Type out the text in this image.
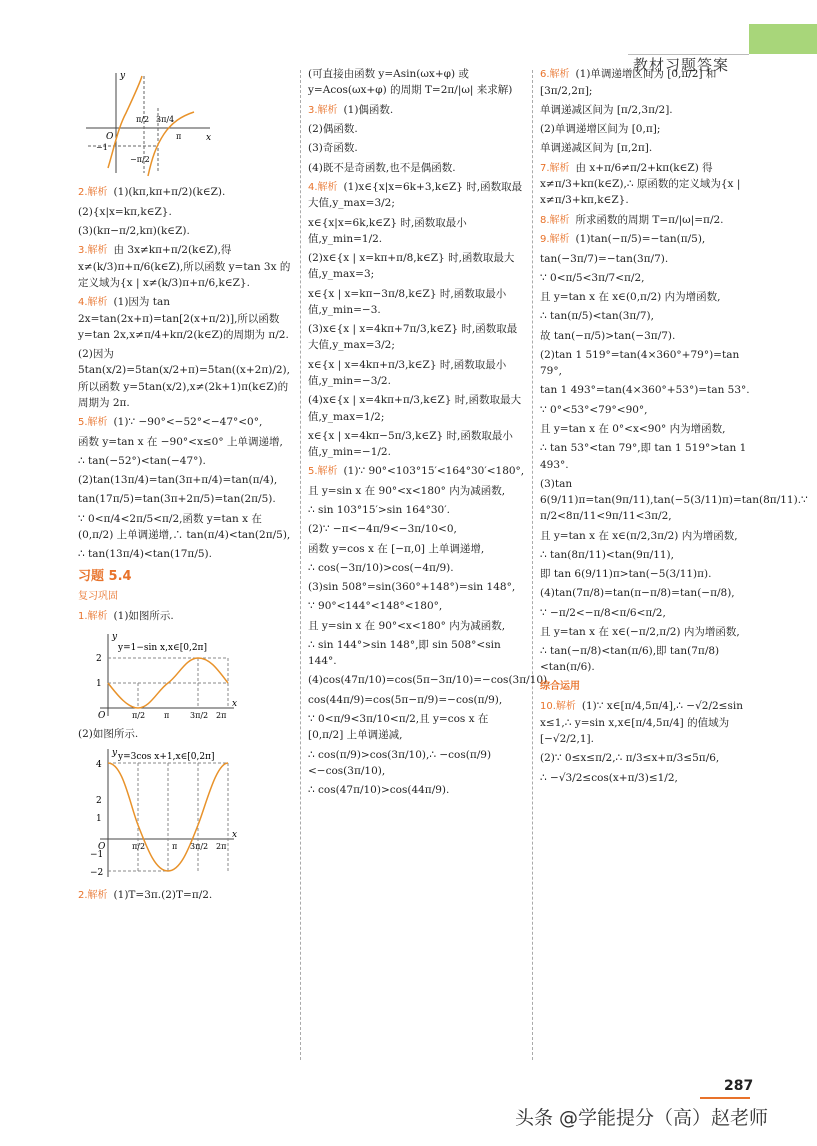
教材习题答案
y
x
O
π/2 3π/4
π
−1
−π/2

2.解析 (1)(kπ,kπ+π/2)(k∈Z).

(2){x|x=kπ,k∈Z}.

(3)(kπ−π/2,kπ)(k∈Z).

3.解析 由 3x≠kπ+π/2(k∈Z),得 x≠(k/3)π+π/6(k∈Z),所以函数 y=tan 3x 的定义域为{x | x≠(k/3)π+π/6,k∈Z}.

4.解析 (1)因为 tan 2x=tan(2x+π)=tan[2(x+π/2)],所以函数 y=tan 2x,x≠π/4+kπ/2(k∈Z)的周期为 π/2.

(2)因为 5tan(x/2)=5tan(x/2+π)=5tan((x+2π)/2),所以函数 y=5tan(x/2),x≠(2k+1)π(k∈Z)的周期为 2π.

5.解析 (1)∵ −90°<−52°<−47°<0°,

函数 y=tan x 在 −90°<x≤0° 上单调递增,

∴ tan(−52°)<tan(−47°).

(2)tan(13π/4)=tan(3π+π/4)=tan(π/4),

tan(17π/5)=tan(3π+2π/5)=tan(2π/5).

∵ 0<π/4<2π/5<π/2,函数 y=tan x 在 (0,π/2) 上单调递增,∴ tan(π/4)<tan(2π/5),

∴ tan(13π/4)<tan(17π/5).

习题 5.4
复习巩固

1.解析 (1)如图所示.

y
y=1−sin x,x∈[0,2π]
2
1
O	π/2 π	3π/2 2π
x

(2)如图所示.

y y=3cos x+1,x∈[0,2π]
4
2
1
−1
−2
O	π/2	π 3π/2 2π
x

2.解析 (1)T=3π.(2)T=π/2.

(可直接由函数 y=Asin(ωx+φ) 或 y=Acos(ωx+φ) 的周期 T=2π/|ω| 来求解)

3.解析 (1)偶函数.

(2)偶函数.

(3)奇函数.

(4)既不是奇函数,也不是偶函数.

4.解析 (1)x∈{x|x=6k+3,k∈Z} 时,函数取最大值,y_max=3/2;

x∈{x|x=6k,k∈Z} 时,函数取最小值,y_min=1/2.

(2)x∈{x | x=kπ+π/8,k∈Z} 时,函数取最大值,y_max=3;

x∈{x | x=kπ−3π/8,k∈Z} 时,函数取最小值,y_min=−3.

(3)x∈{x | x=4kπ+7π/3,k∈Z} 时,函数取最大值,y_max=3/2;

x∈{x | x=4kπ+π/3,k∈Z} 时,函数取最小值,y_min=−3/2.

(4)x∈{x | x=4kπ+π/3,k∈Z} 时,函数取最大值,y_max=1/2;

x∈{x | x=4kπ−5π/3,k∈Z} 时,函数取最小值,y_min=−1/2.

5.解析 (1)∵ 90°<103°15′<164°30′<180°,

且 y=sin x 在 90°<x<180° 内为减函数,

∴ sin 103°15′>sin 164°30′.

(2)∵ −π<−4π/9<−3π/10<0,

函数 y=cos x 在 [−π,0] 上单调递增,

∴ cos(−3π/10)>cos(−4π/9).

(3)sin 508°=sin(360°+148°)=sin 148°,

∵ 90°<144°<148°<180°,

且 y=sin x 在 90°<x<180° 内为减函数,

∴ sin 144°>sin 148°,即 sin 508°<sin 144°.

(4)cos(47π/10)=cos(5π−3π/10)=−cos(3π/10),

cos(44π/9)=cos(5π−π/9)=−cos(π/9),

∵ 0<π/9<3π/10<π/2,且 y=cos x 在 [0,π/2] 上单调递减,

∴ cos(π/9)>cos(3π/10),∴ −cos(π/9)<−cos(3π/10),

∴ cos(47π/10)>cos(44π/9).

6.解析 (1)单调递增区间为 [0,π/2] 和 [3π/2,2π];

单调递减区间为 [π/2,3π/2].

(2)单调递增区间为 [0,π];

单调递减区间为 [π,2π].

7.解析 由 x+π/6≠π/2+kπ(k∈Z) 得 x≠π/3+kπ(k∈Z),∴ 原函数的定义域为{x | x≠π/3+kπ,k∈Z}.

8.解析 所求函数的周期 T=π/|ω|=π/2.

9.解析 (1)tan(−π/5)=−tan(π/5),

tan(−3π/7)=−tan(3π/7).

∵ 0<π/5<3π/7<π/2,

且 y=tan x 在 x∈(0,π/2) 内为增函数,

∴ tan(π/5)<tan(3π/7),

故 tan(−π/5)>tan(−3π/7).

(2)tan 1 519°=tan(4×360°+79°)=tan 79°,

tan 1 493°=tan(4×360°+53°)=tan 53°.

∵ 0°<53°<79°<90°,

且 y=tan x 在 0°<x<90° 内为增函数,

∴ tan 53°<tan 79°,即 tan 1 519°>tan 1 493°.

(3)tan 6(9/11)π=tan(9π/11),tan(−5(3/11)π)=tan(8π/11).∵ π/2<8π/11<9π/11<3π/2,

且 y=tan x 在 x∈(π/2,3π/2) 内为增函数,

∴ tan(8π/11)<tan(9π/11),

即 tan 6(9/11)π>tan(−5(3/11)π).

(4)tan(7π/8)=tan(π−π/8)=tan(−π/8),

∵ −π/2<−π/8<π/6<π/2,

且 y=tan x 在 x∈(−π/2,π/2) 内为增函数,

∴ tan(−π/8)<tan(π/6),即 tan(7π/8)<tan(π/6).

综合运用

10.解析 (1)∵ x∈[π/4,5π/4],∴ −√2/2≤sin x≤1,∴ y=sin x,x∈[π/4,5π/4] 的值域为 [−√2/2,1].

(2)∵ 0≤x≤π/2,∴ π/3≤x+π/3≤5π/6,

∴ −√3/2≤cos(x+π/3)≤1/2,

287
头条 @学能提分（高）赵老师
